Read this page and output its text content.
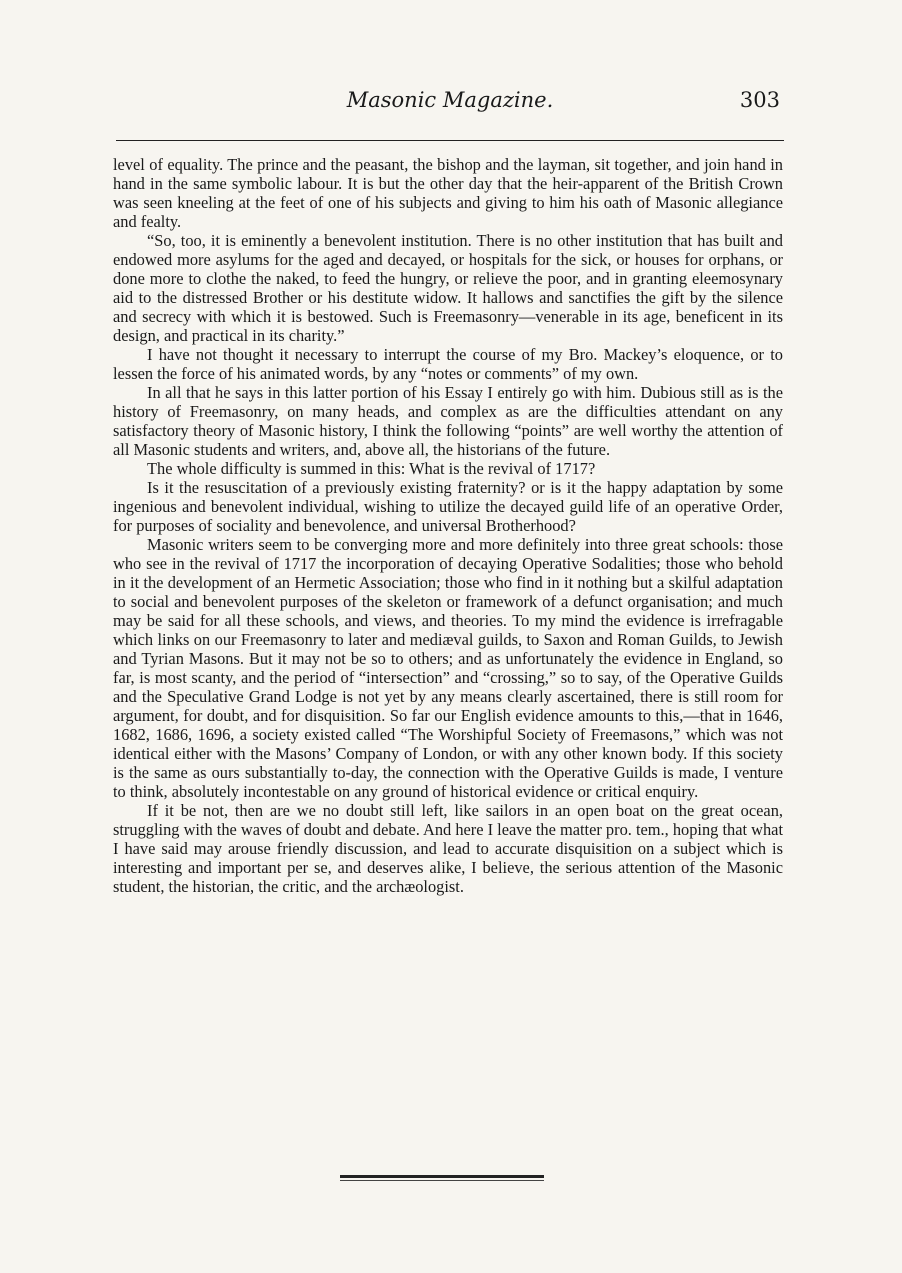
Masonic Magazine.	303

level of equality. The prince and the peasant, the bishop and the layman, sit together, and join hand in hand in the same symbolic labour. It is but the other day that the heir-apparent of the British Crown was seen kneeling at the feet of one of his subjects and giving to him his oath of Masonic allegiance and fealty.

“So, too, it is eminently a benevolent institution. There is no other institution that has built and endowed more asylums for the aged and decayed, or hospitals for the sick, or houses for orphans, or done more to clothe the naked, to feed the hungry, or relieve the poor, and in granting eleemosynary aid to the distressed Brother or his destitute widow. It hallows and sanctifies the gift by the silence and secrecy with which it is bestowed. Such is Freemasonry—venerable in its age, beneficent in its design, and practical in its charity.”

I have not thought it necessary to interrupt the course of my Bro. Mackey’s eloquence, or to lessen the force of his animated words, by any “notes or comments” of my own.

In all that he says in this latter portion of his Essay I entirely go with him. Dubious still as is the history of Freemasonry, on many heads, and complex as are the difficulties attendant on any satisfactory theory of Masonic history, I think the following “points” are well worthy the attention of all Masonic students and writers, and, above all, the historians of the future.

The whole difficulty is summed in this: What is the revival of 1717?

Is it the resuscitation of a previously existing fraternity? or is it the happy adaptation by some ingenious and benevolent individual, wishing to utilize the decayed guild life of an operative Order, for purposes of sociality and benevolence, and universal Brotherhood?

Masonic writers seem to be converging more and more definitely into three great schools: those who see in the revival of 1717 the incorporation of decaying Operative Sodalities; those who behold in it the development of an Hermetic Association; those who find in it nothing but a skilful adaptation to social and benevolent purposes of the skeleton or framework of a defunct organisation; and much may be said for all these schools, and views, and theories. To my mind the evidence is irrefragable which links on our Freemasonry to later and mediæval guilds, to Saxon and Roman Guilds, to Jewish and Tyrian Masons. But it may not be so to others; and as unfortunately the evidence in England, so far, is most scanty, and the period of “intersection” and “crossing,” so to say, of the Operative Guilds and the Speculative Grand Lodge is not yet by any means clearly ascertained, there is still room for argument, for doubt, and for disquisition. So far our English evidence amounts to this,—that in 1646, 1682, 1686, 1696, a society existed called “The Worshipful Society of Freemasons,” which was not identical either with the Masons’ Company of London, or with any other known body. If this society is the same as ours substantially to-day, the connection with the Operative Guilds is made, I venture to think, absolutely incontestable on any ground of historical evidence or critical enquiry.

If it be not, then are we no doubt still left, like sailors in an open boat on the great ocean, struggling with the waves of doubt and debate. And here I leave the matter pro. tem., hoping that what I have said may arouse friendly discussion, and lead to accurate disquisition on a subject which is interesting and important per se, and deserves alike, I believe, the serious attention of the Masonic student, the historian, the critic, and the archæologist.
